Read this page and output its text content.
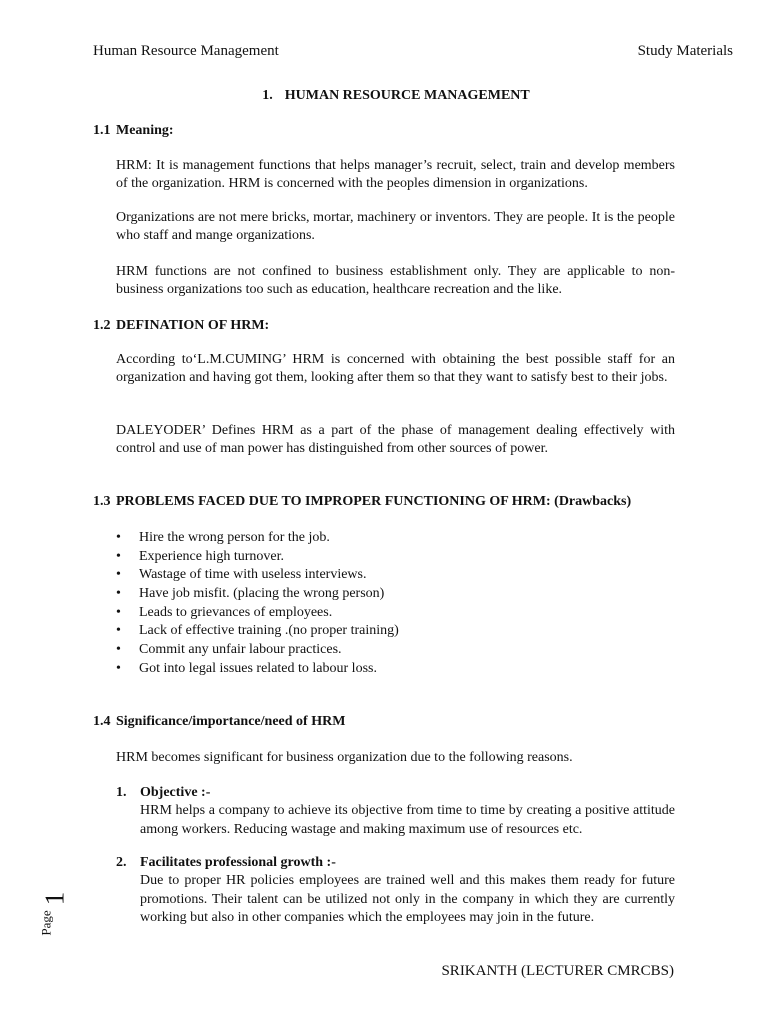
Human Resource Management	Study Materials
1. HUMAN RESOURCE MANAGEMENT
1.1 Meaning:

HRM: It is management functions that helps manager’s recruit, select, train and develop members of the organization. HRM is concerned with the peoples dimension in organizations.

Organizations are not mere bricks, mortar, machinery or inventors. They are people. It is the people who staff and mange organizations.

HRM functions are not confined to business establishment only. They are applicable to non-business organizations too such as education, healthcare recreation and the like.

1.2 DEFINATION OF HRM:

According to‘L.M.CUMING’ HRM is concerned with obtaining the best possible staff for an organization and having got them, looking after them so that they want to satisfy best to their jobs.

DALEYODER’ Defines HRM as a part of the phase of management dealing effectively with control and use of man power has distinguished from other sources of power.

1.3 PROBLEMS FACED DUE TO IMPROPER FUNCTIONING OF HRM: (Drawbacks)
• Hire the wrong person for the job.
• Experience high turnover.
• Wastage of time with useless interviews.
• Have job misfit. (placing the wrong person)
• Leads to grievances of employees.
• Lack of effective training .(no proper training)
• Commit any unfair labour practices.
• Got into legal issues related to labour loss.
1.4 Significance/importance/need of HRM

HRM becomes significant for business organization due to the following reasons.

1. Objective :-
HRM helps a company to achieve its objective from time to time by creating a positive attitude among workers. Reducing wastage and making maximum use of resources etc.
2. Facilitates professional growth :-
Due to proper HR policies employees are trained well and this makes them ready for future promotions. Their talent can be utilized not only in the company in which they are currently working but also in other companies which the employees may join in the future.
Page
1
SRIKANTH (LECTURER CMRCBS)
